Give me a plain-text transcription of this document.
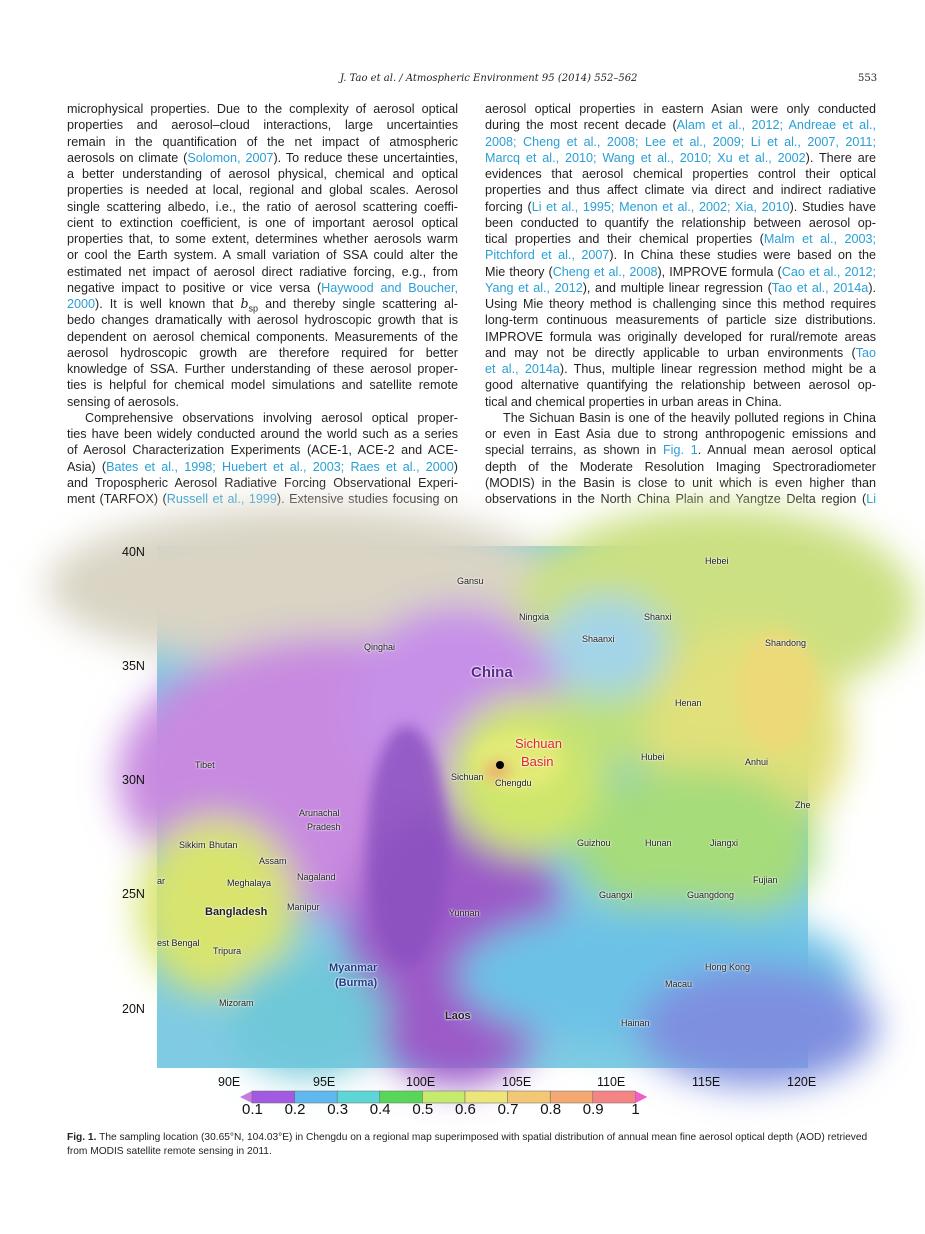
J. Tao et al. / Atmospheric Environment 95 (2014) 552–562	553
microphysical properties. Due to the complexity of aerosol optical
properties and aerosol–cloud interactions, large uncertainties
remain in the quantification of the net impact of atmospheric
aerosols on climate (Solomon, 2007). To reduce these uncertainties,
a better understanding of aerosol physical, chemical and optical
properties is needed at local, regional and global scales. Aerosol
single scattering albedo, i.e., the ratio of aerosol scattering coeffi-
cient to extinction coefficient, is one of important aerosol optical
properties that, to some extent, determines whether aerosols warm
or cool the Earth system. A small variation of SSA could alter the
estimated net impact of aerosol direct radiative forcing, e.g., from
negative impact to positive or vice versa (Haywood and Boucher,
2000). It is well known that $b_{sp}$ and thereby single scattering al-
bedo changes dramatically with aerosol hydroscopic growth that is
dependent on aerosol chemical components. Measurements of the
aerosol hydroscopic growth are therefore required for better
knowledge of SSA. Further understanding of these aerosol proper-
ties is helpful for chemical model simulations and satellite remote
sensing of aerosols.
Comprehensive observations involving aerosol optical proper-
ties have been widely conducted around the world such as a series
of Aerosol Characterization Experiments (ACE-1, ACE-2 and ACE-
Asia) (Bates et al., 1998; Huebert et al., 2003; Raes et al., 2000)
and Tropospheric Aerosol Radiative Forcing Observational Experi-
ment (TARFOX) (Russell et al., 1999). Extensive studies focusing on
aerosol optical properties in eastern Asian were only conducted
during the most recent decade (Alam et al., 2012; Andreae et al.,
2008; Cheng et al., 2008; Lee et al., 2009; Li et al., 2007, 2011;
Marcq et al., 2010; Wang et al., 2010; Xu et al., 2002). There are
evidences that aerosol chemical properties control their optical
properties and thus affect climate via direct and indirect radiative
forcing (Li et al., 1995; Menon et al., 2002; Xia, 2010). Studies have
been conducted to quantify the relationship between aerosol op-
tical properties and their chemical properties (Malm et al., 2003;
Pitchford et al., 2007). In China these studies were based on the
Mie theory (Cheng et al., 2008), IMPROVE formula (Cao et al., 2012;
Yang et al., 2012), and multiple linear regression (Tao et al., 2014a).
Using Mie theory method is challenging since this method requires
long-term continuous measurements of particle size distributions.
IMPROVE formula was originally developed for rural/remote areas
and may not be directly applicable to urban environments (Tao
et al., 2014a). Thus, multiple linear regression method might be a
good alternative quantifying the relationship between aerosol op-
tical and chemical properties in urban areas in China.
The Sichuan Basin is one of the heavily polluted regions in China
or even in East Asia due to strong anthropogenic emissions and
special terrains, as shown in Fig. 1. Annual mean aerosol optical
depth of the Moderate Resolution Imaging Spectroradiometer
(MODIS) in the Basin is close to unit which is even higher than
observations in the North China Plain and Yangtze Delta region (Li
China
Sichuan
Basin
Myanmar
(Burma)
Gansu
Hebei
Ningxia	Shanxi
Shaanxi
Qinghai	Shandong
Henan
Hubei	Anhui
Tibet
Sichuan
Chengdu
Zhe
Arunachal
Pradesh
Sikkim Bhutan	Guizhou	Hunan	Jiangxi
Assam
Nagaland
Meghalaya	Fujian
Manipur
ar
Bangladesh	Yunnan
Guangxi	Guangdong
est Bengal
Tripura
Hong Kong
Macau
Mizoram
Laos
Hainan
Fig. 1. The sampling location (30.65°N, 104.03°E) in Chengdu on a regional map superimposed with spatial distribution of annual mean fine aerosol optical depth (AOD) retrieved from MODIS satellite remote sensing in 2011.
40N
35N
30N
25N
20N
90E	95E	100E	105E	110E	115E	120E
0.1 0.2 0.3 0.4 0.5 0.6 0.7 0.8 0.9 1
